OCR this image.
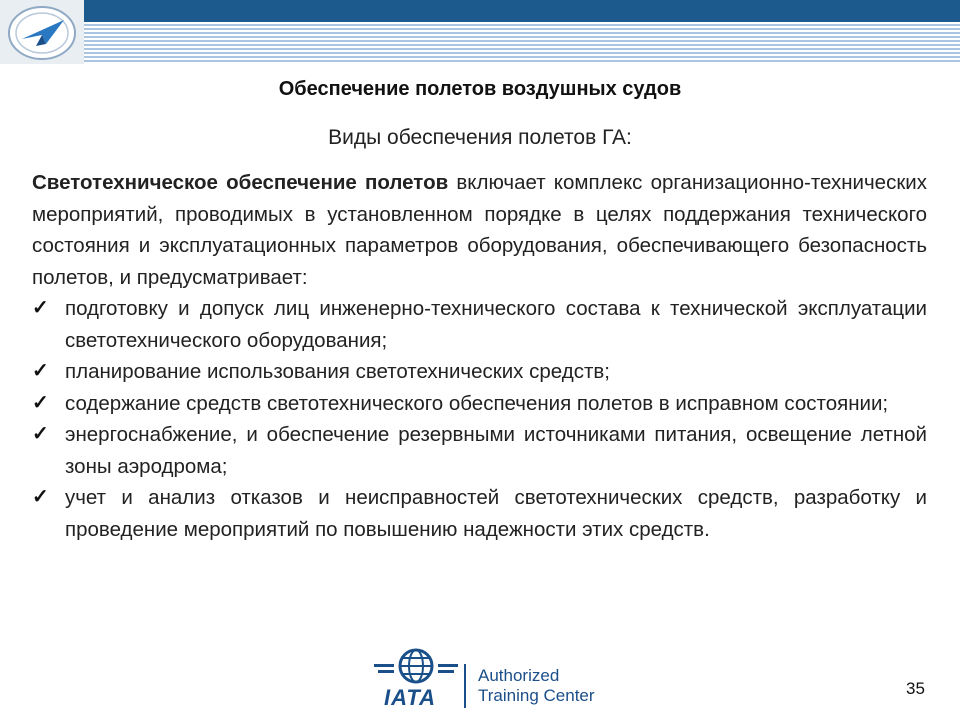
Обеспечение полетов воздушных судов
Виды обеспечения полетов ГА:

Светотехническое обеспечение полетов включает комплекс организационно-технических мероприятий, проводимых в установленном порядке в целях поддержания технического состояния и эксплуатационных параметров оборудования, обеспечивающего безопасность полетов, и предусматривает:

✓ подготовку и допуск лиц инженерно-технического состава к технической эксплуатации светотехнического оборудования;
✓ планирование использования светотехнических средств;
✓ содержание средств светотехнического обеспечения полетов в исправном состоянии;
✓ энергоснабжение, и обеспечение резервными источниками питания, освещение летной зоны аэродрома;
✓ учет и анализ отказов и неисправностей светотехнических средств, разработку и проведение мероприятий по повышению надежности этих средств.
IATA
Authorized
Training Center	35
